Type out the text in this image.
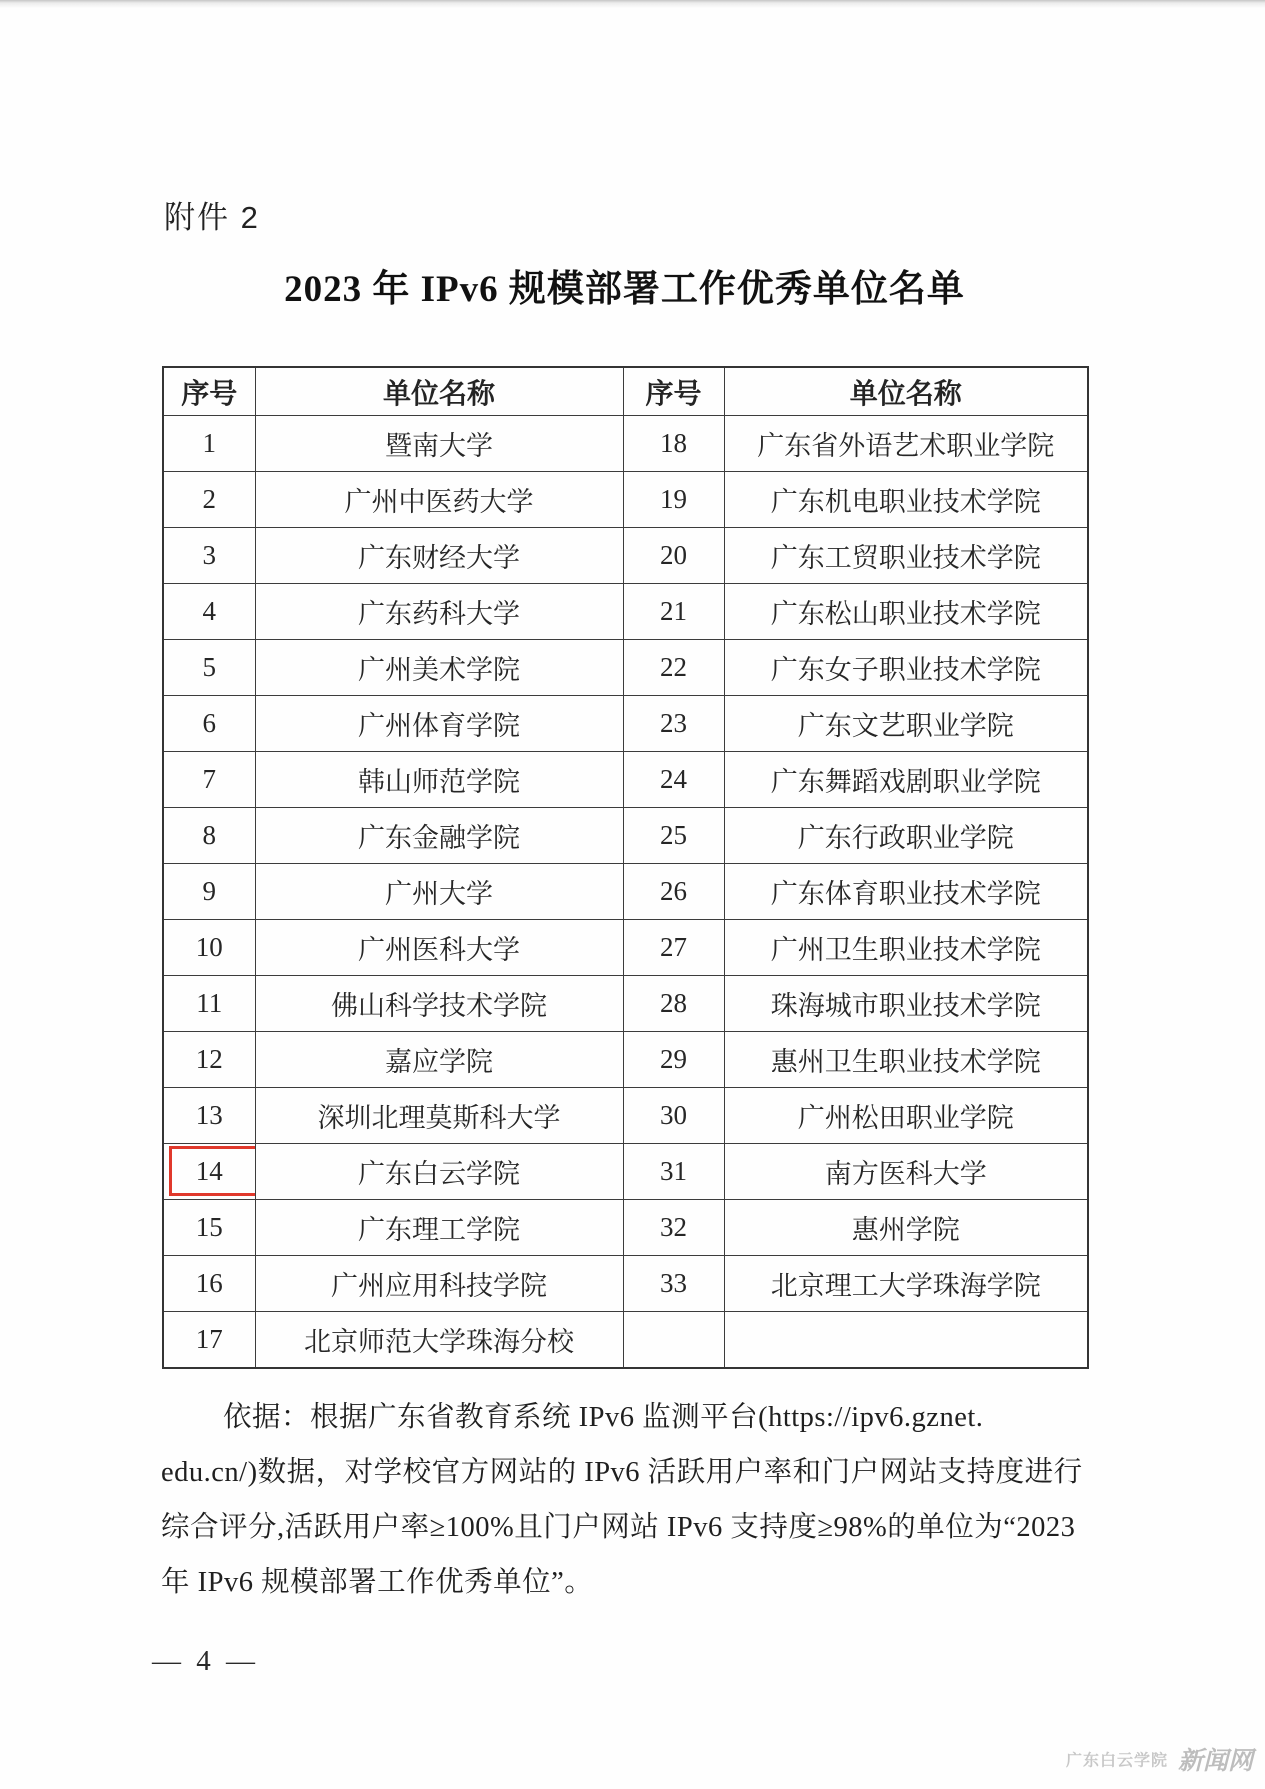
附件 2
2023 年 IPv6 规模部署工作优秀单位名单
序号	单位名称	序号	单位名称
1	暨南大学	18	广东省外语艺术职业学院
2	广州中医药大学	19	广东机电职业技术学院
3	广东财经大学	20	广东工贸职业技术学院
4	广东药科大学	21	广东松山职业技术学院
5	广州美术学院	22	广东女子职业技术学院
6	广州体育学院	23	广东文艺职业学院
7	韩山师范学院	24	广东舞蹈戏剧职业学院
8	广东金融学院	25	广东行政职业学院
9	广州大学	26	广东体育职业技术学院
10	广州医科大学	27	广州卫生职业技术学院
11	佛山科学技术学院	28	珠海城市职业技术学院
12	嘉应学院	29	惠州卫生职业技术学院
13	深圳北理莫斯科大学	30	广州松田职业学院
14	广东白云学院	31	南方医科大学
15	广东理工学院	32	惠州学院
16	广州应用科技学院	33	北京理工大学珠海学院
17	北京师范大学珠海分校		
依据：根据广东省教育系统 IPv6 监测平台(https://ipv6.gznet.
edu.cn/)数据，对学校官方网站的 IPv6 活跃用户率和门户网站支持度进行
综合评分,活跃用户率≥100%且门户网站 IPv6 支持度≥98%的单位为“2023
年 IPv6 规模部署工作优秀单位”。
— 4 —
广东白云学院 新闻网
